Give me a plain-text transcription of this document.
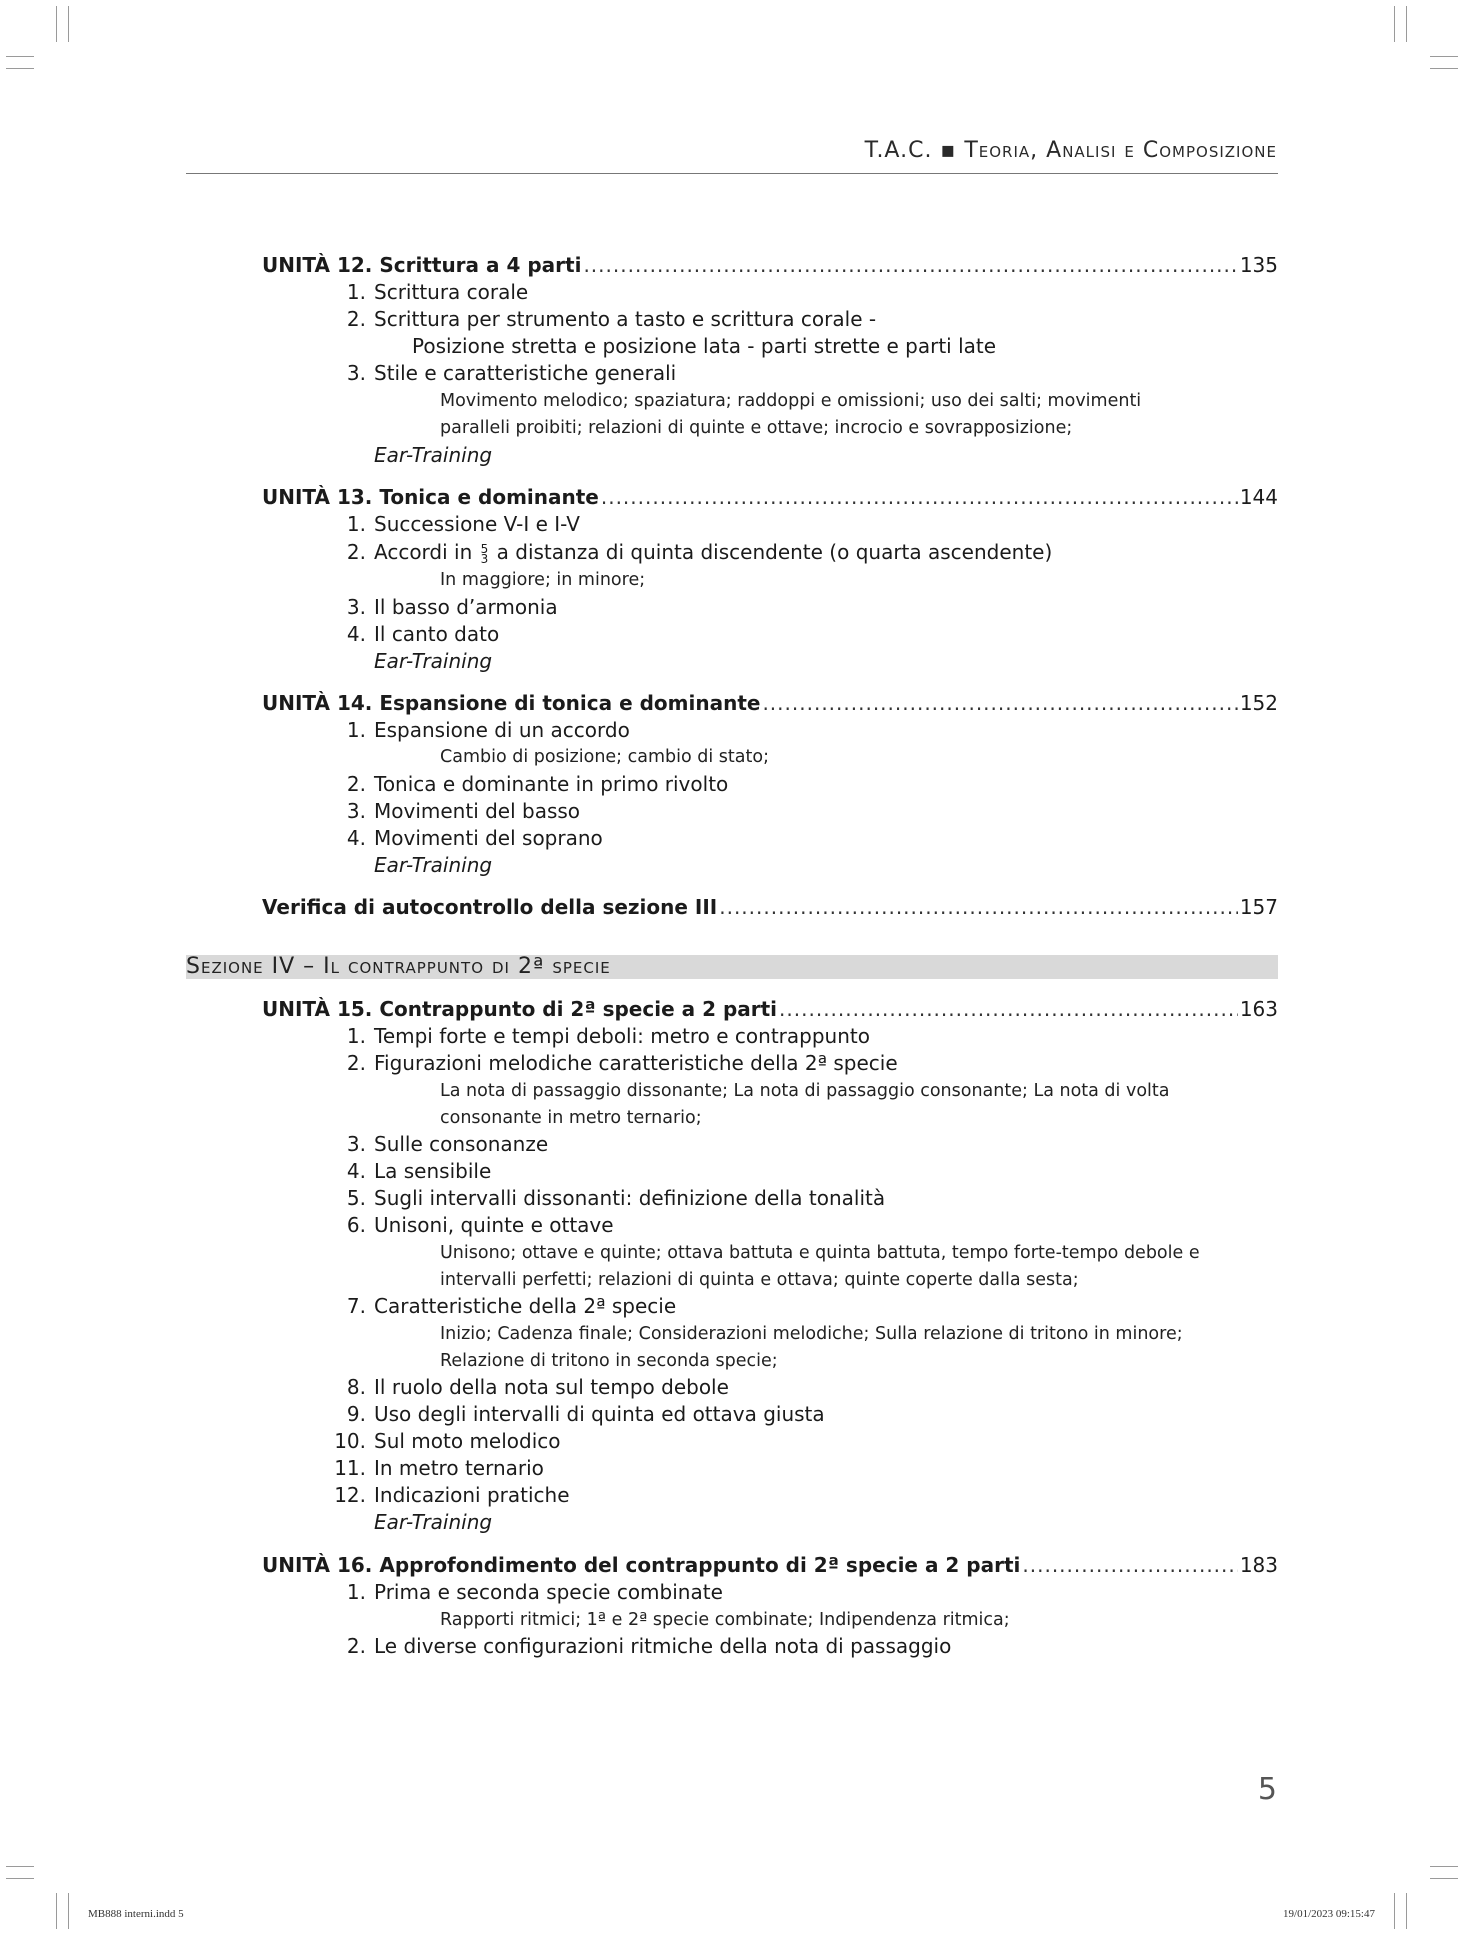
T.A.C. ▪ Teoria, Analisi e Composizione
UNITÀ 12. Scrittura a 4 parti .....	135
1. Scrittura corale
2. Scrittura per strumento a tasto e scrittura corale -
Posizione stretta e posizione lata - parti strette e parti late
3. Stile e caratteristiche generali
Movimento melodico; spaziatura; raddoppi e omissioni; uso dei salti; movimenti
paralleli proibiti; relazioni di quinte e ottave; incrocio e sovrapposizione;
Ear-Training
UNITÀ 13. Tonica e dominante .....	144
1. Successione V-I e I-V
2. Accordi in 5
3 a distanza di quinta discendente (o quarta ascendente)
In maggiore; in minore;
3. Il basso d’armonia
4. Il canto dato
Ear-Training
UNITÀ 14. Espansione di tonica e dominante .....	152
1. Espansione di un accordo
Cambio di posizione; cambio di stato;
2. Tonica e dominante in primo rivolto
3. Movimenti del basso
4. Movimenti del soprano
Ear-Training
Verifica di autocontrollo della sezione III .....	157
Sezione IV – Il contrappunto di 2ª specie
UNITÀ 15. Contrappunto di 2ª specie a 2 parti .....	163
1. Tempi forte e tempi deboli: metro e contrappunto
2. Figurazioni melodiche caratteristiche della 2ª specie
La nota di passaggio dissonante; La nota di passaggio consonante; La nota di volta
consonante in metro ternario;
3. Sulle consonanze
4. La sensibile
5. Sugli intervalli dissonanti: definizione della tonalità
6. Unisoni, quinte e ottave
Unisono; ottave e quinte; ottava battuta e quinta battuta, tempo forte-tempo debole e
intervalli perfetti; relazioni di quinta e ottava; quinte coperte dalla sesta;
7. Caratteristiche della 2ª specie
Inizio; Cadenza finale; Considerazioni melodiche; Sulla relazione di tritono in minore;
Relazione di tritono in seconda specie;
8. Il ruolo della nota sul tempo debole
9. Uso degli intervalli di quinta ed ottava giusta
10. Sul moto melodico
11. In metro ternario
12. Indicazioni pratiche
Ear-Training
UNITÀ 16. Approfondimento del contrappunto di 2ª specie a 2 parti .....	183
1. Prima e seconda specie combinate
Rapporti ritmici; 1ª e 2ª specie combinate; Indipendenza ritmica;
2. Le diverse configurazioni ritmiche della nota di passaggio
5
MB888 interni.indd 5	19/01/2023 09:15:47
